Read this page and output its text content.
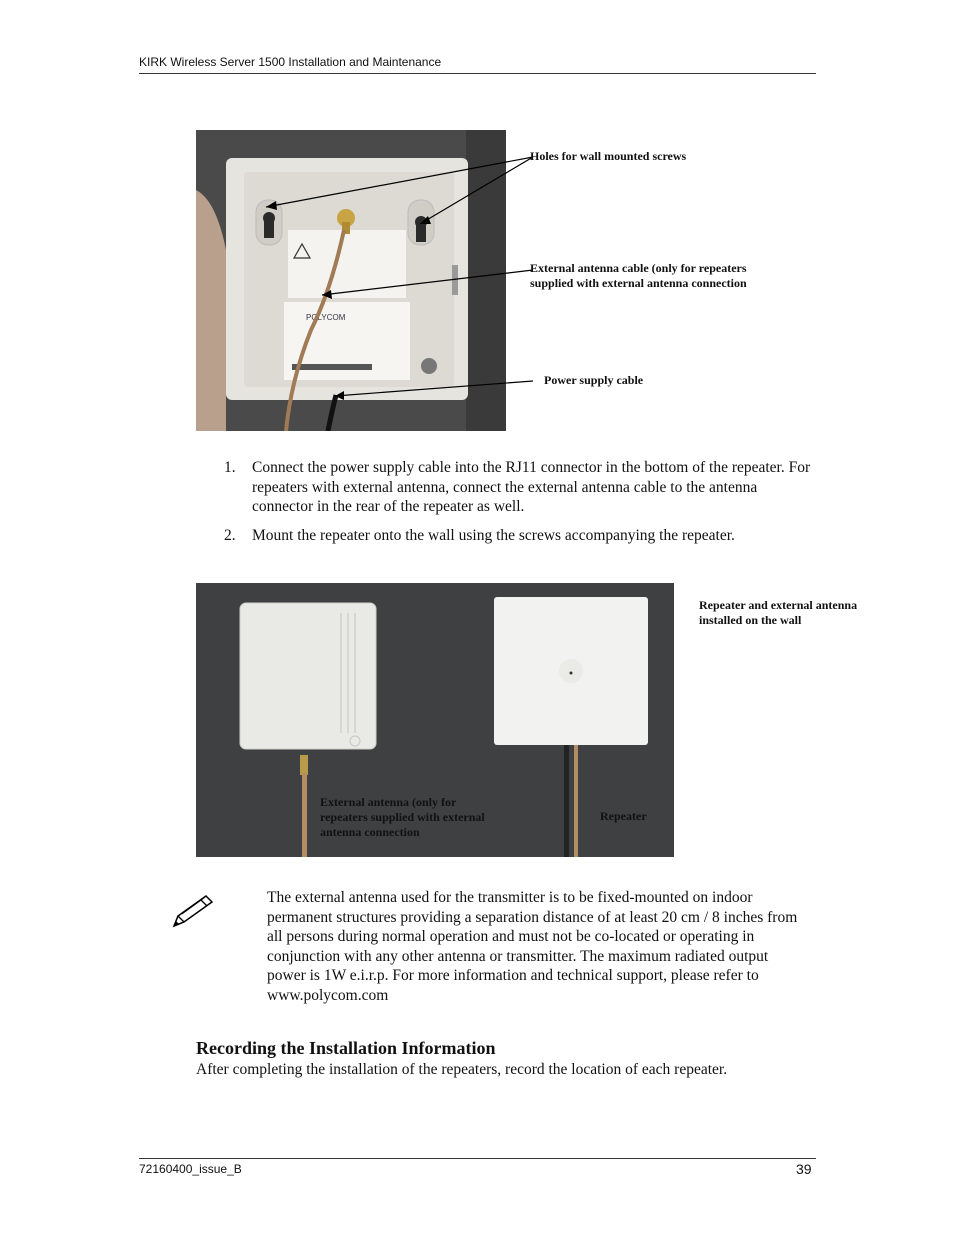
KIRK Wireless Server 1500 Installation and Maintenance
POLYCOM
Holes for wall mounted screws
External antenna cable (only for repeaters supplied with external antenna connection
Power supply cable
1.	Connect the power supply cable into the RJ11 connector in the bottom of the repeater. For repeaters with external antenna, connect the external antenna cable to the antenna connector in the rear of the repeater as well.
2.	Mount the repeater onto the wall using the screws accompanying the repeater.
External antenna (only for repeaters supplied with external antenna connection
Repeater
Repeater and external antenna installed on the wall
The external antenna used for the transmitter is to be fixed-mounted on indoor permanent structures providing a separation distance of at least 20 cm / 8 inches from all persons during normal operation and must not be co-located or operating in conjunction with any other antenna or transmitter. The maximum radiated output power is 1W e.i.r.p. For more information and technical support, please refer to www.polycom.com
Recording the Installation Information
After completing the installation of the repeaters, record the location of each repeater.
72160400_issue_B	39
